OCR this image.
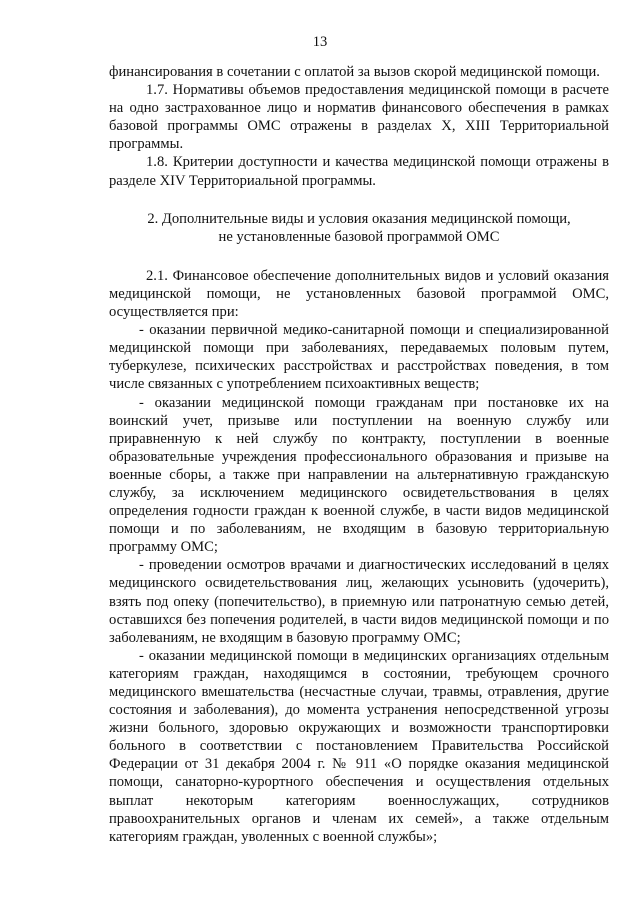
13

финансирования в сочетании с оплатой за вызов скорой медицинской помощи.

1.7. Нормативы объемов предоставления медицинской помощи в расчете на одно застрахованное лицо и норматив финансового обеспечения в рамках базовой программы ОМС отражены в разделах X, XIII Территориальной программы.

1.8. Критерии доступности и качества медицинской помощи отражены в разделе XIV Территориальной программы.

2. Дополнительные виды и условия оказания медицинской помощи,
не установленные базовой программой ОМС

2.1. Финансовое обеспечение дополнительных видов и условий оказания медицинской помощи, не установленных базовой программой ОМС, осуществляется при:

- оказании первичной медико-санитарной помощи и специализированной медицинской помощи при заболеваниях, передаваемых половым путем, туберкулезе, психических расстройствах и расстройствах поведения, в том числе связанных с употреблением психоактивных веществ;

- оказании медицинской помощи гражданам при постановке их на воинский учет, призыве или поступлении на военную службу или приравненную к ней службу по контракту, поступлении в военные образовательные учреждения профессионального образования и призыве на военные сборы, а также при направлении на альтернативную гражданскую службу, за исключением медицинского освидетельствования в целях определения годности граждан к военной службе, в части видов медицинской помощи и по заболеваниям, не входящим в базовую территориальную программу ОМС;

- проведении осмотров врачами и диагностических исследований в целях медицинского освидетельствования лиц, желающих усыновить (удочерить), взять под опеку (попечительство), в приемную или патронатную семью детей, оставшихся без попечения родителей, в части видов медицинской помощи и по заболеваниям, не входящим в базовую программу ОМС;

- оказании медицинской помощи в медицинских организациях отдельным категориям граждан, находящимся в состоянии, требующем срочного медицинского вмешательства (несчастные случаи, травмы, отравления, другие состояния и заболевания), до момента устранения непосредственной угрозы жизни больного, здоровью окружающих и возможности транспортировки больного в соответствии с постановлением Правительства Российской Федерации от 31 декабря 2004 г. № 911 «О порядке оказания медицинской помощи, санаторно-курортного обеспечения и осуществления отдельных выплат некоторым категориям военнослужащих, сотрудников правоохранительных органов и членам их семей», а также отдельным категориям граждан, уволенных с военной службы»;
